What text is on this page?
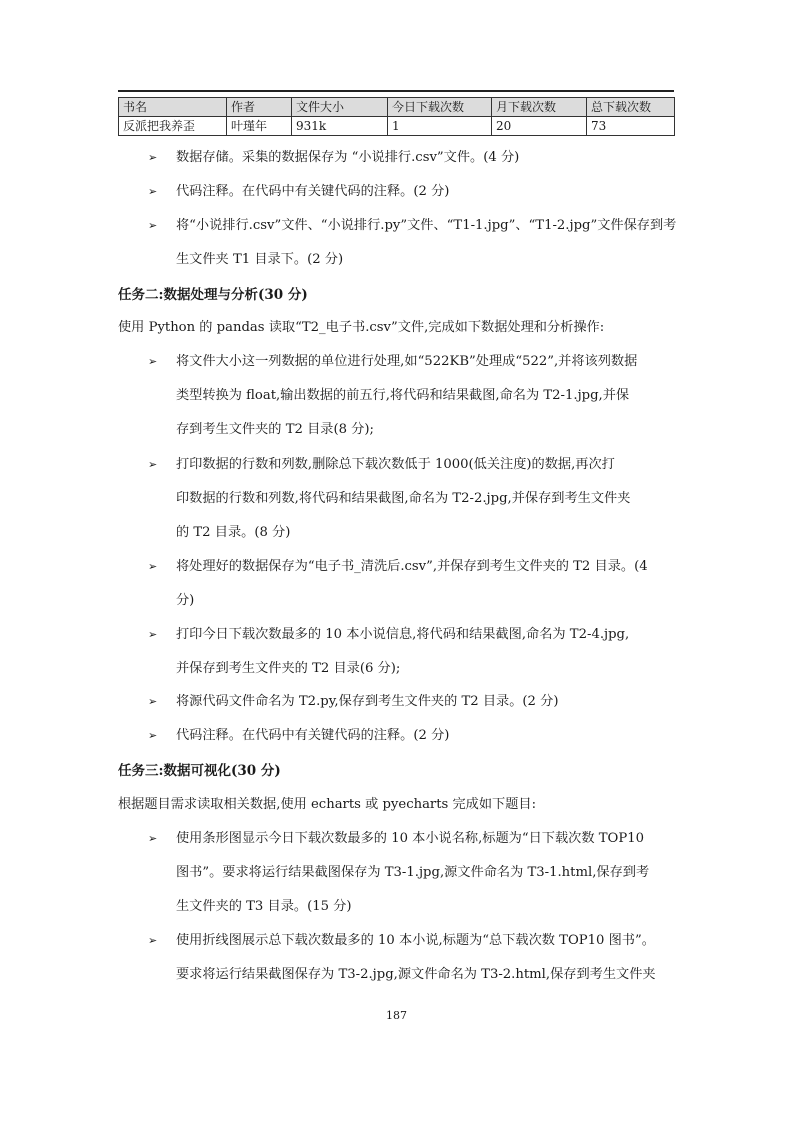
书名	作者	文件大小	今日下载次数	月下载次数	总下载次数
反派把我养歪	叶瑾年	931k	1	20	73
➢ 数据存储。采集的数据保存为 “小说排行.csv”文件。(4 分)
➢ 代码注释。在代码中有关键代码的注释。(2 分)
➢ 将“小说排行.csv”文件、“小说排行.py”文件、“T1-1.jpg”、“T1-2.jpg”文件保存到考
生文件夹 T1 目录下。(2 分)
任务二:数据处理与分析(30 分)
使用 Python 的 pandas 读取“T2_电子书.csv”文件,完成如下数据处理和分析操作:
➢ 将文件大小这一列数据的单位进行处理,如“522KB”处理成“522”,并将该列数据
类型转换为 float,输出数据的前五行,将代码和结果截图,命名为 T2-1.jpg,并保
存到考生文件夹的 T2 目录(8 分);
➢ 打印数据的行数和列数,删除总下载次数低于 1000(低关注度)的数据,再次打
印数据的行数和列数,将代码和结果截图,命名为 T2-2.jpg,并保存到考生文件夹
的 T2 目录。(8 分)
➢ 将处理好的数据保存为“电子书_清洗后.csv”,并保存到考生文件夹的 T2 目录。(4
分)
➢ 打印今日下载次数最多的 10 本小说信息,将代码和结果截图,命名为 T2-4.jpg,
并保存到考生文件夹的 T2 目录(6 分);
➢ 将源代码文件命名为 T2.py,保存到考生文件夹的 T2 目录。(2 分)
➢ 代码注释。在代码中有关键代码的注释。(2 分)
任务三:数据可视化(30 分)
根据题目需求读取相关数据,使用 echarts 或 pyecharts 完成如下题目:
➢ 使用条形图显示今日下载次数最多的 10 本小说名称,标题为“日下载次数 TOP10
图书”。要求将运行结果截图保存为 T3-1.jpg,源文件命名为 T3-1.html,保存到考
生文件夹的 T3 目录。(15 分)
➢ 使用折线图展示总下载次数最多的 10 本小说,标题为“总下载次数 TOP10 图书”。
要求将运行结果截图保存为 T3-2.jpg,源文件命名为 T3-2.html,保存到考生文件夹
187
